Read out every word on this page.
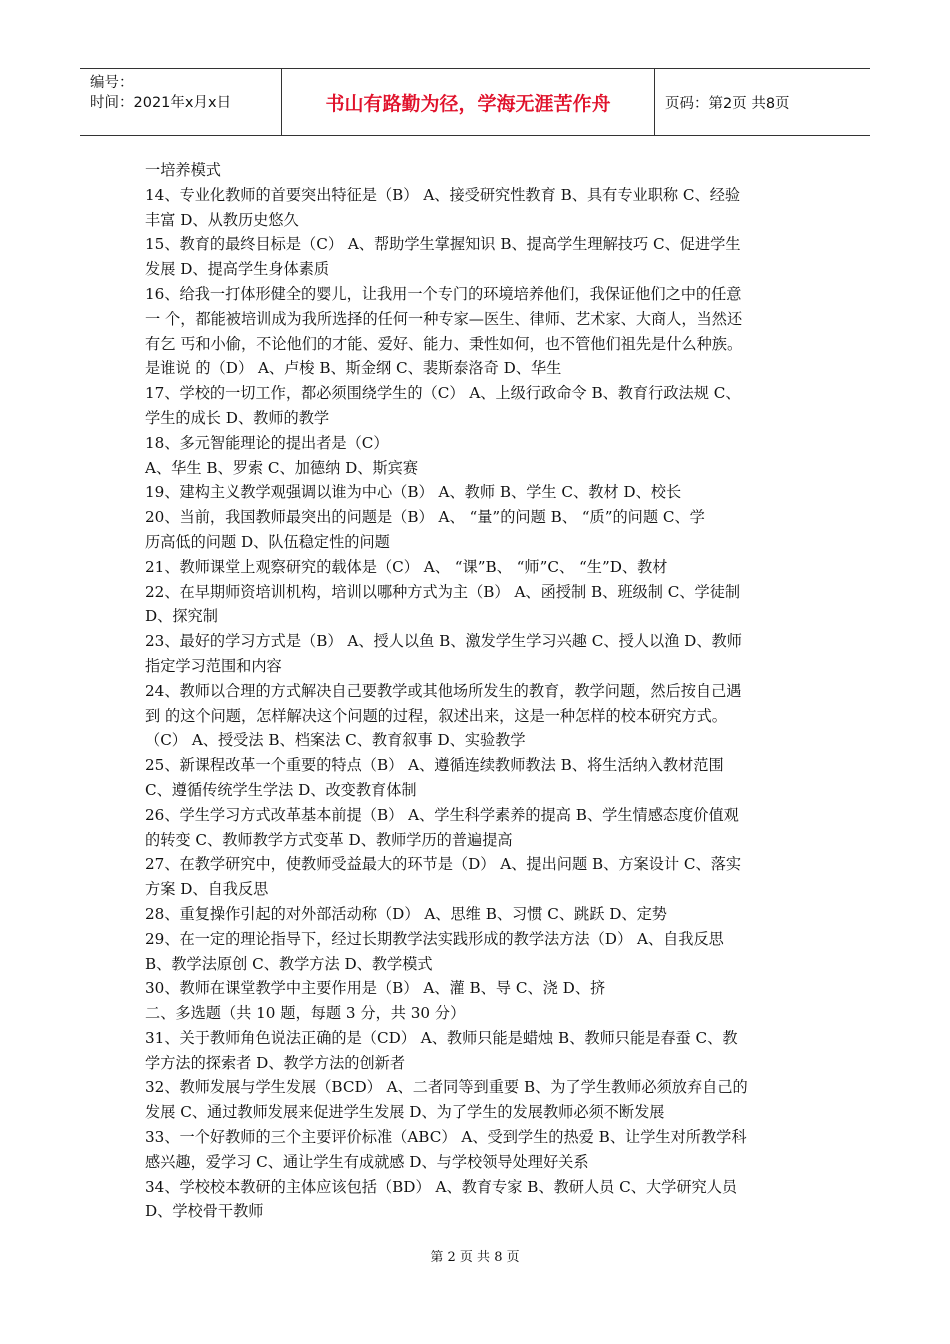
编号：
时间：2021年x月x日	书山有路勤为径，学海无涯苦作舟	页码：第2页 共8页

一培养模式

14、专业化教师的首要突出特征是（B） A、接受研究性教育 B、具有专业职称 C、经验

丰富 D、从教历史悠久

15、教育的最终目标是（C） A、帮助学生掌握知识 B、提高学生理解技巧 C、促进学生

发展 D、提高学生身体素质

16、给我一打体形健全的婴儿，让我用一个专门的环境培养他们，我保证他们之中的任意

一 个，都能被培训成为我所选择的任何一种专家—医生、律师、艺术家、大商人，当然还

有乞 丐和小偷，不论他们的才能、爱好、能力、秉性如何，也不管他们祖先是什么种族。

是谁说 的（D） A、卢梭 B、斯金纲 C、裴斯泰洛奇 D、华生

17、学校的一切工作，都必须围绕学生的（C） A、上级行政命令 B、教育行政法规 C、

学生的成长 D、教师的教学

18、多元智能理论的提出者是（C）

A、华生 B、罗索 C、加德纳 D、斯宾赛

19、建构主义教学观强调以谁为中心（B） A、教师 B、学生 C、教材 D、校长

20、当前，我国教师最突出的问题是（B） A、 “量”的问题 B、 “质”的问题 C、学

历高低的问题 D、队伍稳定性的问题

21、教师课堂上观察研究的载体是（C） A、 “课”B、 “师”C、 “生”D、教材

22、在早期师资培训机构，培训以哪种方式为主（B） A、函授制 B、班级制 C、学徒制

D、探究制

23、最好的学习方式是（B） A、授人以鱼 B、激发学生学习兴趣 C、授人以渔 D、教师

指定学习范围和内容

24、教师以合理的方式解决自己要教学或其他场所发生的教育，教学问题，然后按自己遇

到 的这个问题，怎样解决这个问题的过程，叙述出来，这是一种怎样的校本研究方式。

（C） A、授受法 B、档案法 C、教育叙事 D、实验教学

25、新课程改革一个重要的特点（B） A、遵循连续教师教法 B、将生活纳入教材范围

C、遵循传统学生学法 D、改变教育体制

26、学生学习方式改革基本前提（B） A、学生科学素养的提高 B、学生情感态度价值观

的转变 C、教师教学方式变革 D、教师学历的普遍提高

27、在教学研究中，使教师受益最大的环节是（D） A、提出问题 B、方案设计 C、落实

方案 D、自我反思

28、重复操作引起的对外部活动称（D） A、思维 B、习惯 C、跳跃 D、定势

29、在一定的理论指导下，经过长期教学法实践形成的教学法方法（D） A、自我反思

B、教学法原创 C、教学方法 D、教学模式

30、教师在课堂教学中主要作用是（B） A、灌 B、导 C、浇 D、挤

二、多选题（共 10 题，每题 3 分，共 30 分）

31、关于教师角色说法正确的是（CD） A、教师只能是蜡烛 B、教师只能是春蚕 C、教

学方法的探索者 D、教学方法的创新者

32、教师发展与学生发展（BCD） A、二者同等到重要 B、为了学生教师必须放弃自己的

发展 C、通过教师发展来促进学生发展 D、为了学生的发展教师必须不断发展

33、一个好教师的三个主要评价标准（ABC） A、受到学生的热爱 B、让学生对所教学科

感兴趣，爱学习 C、通让学生有成就感 D、与学校领导处理好关系

34、学校校本教研的主体应该包括（BD） A、教育专家 B、教研人员 C、大学研究人员

D、学校骨干教师

第 2 页 共 8 页
